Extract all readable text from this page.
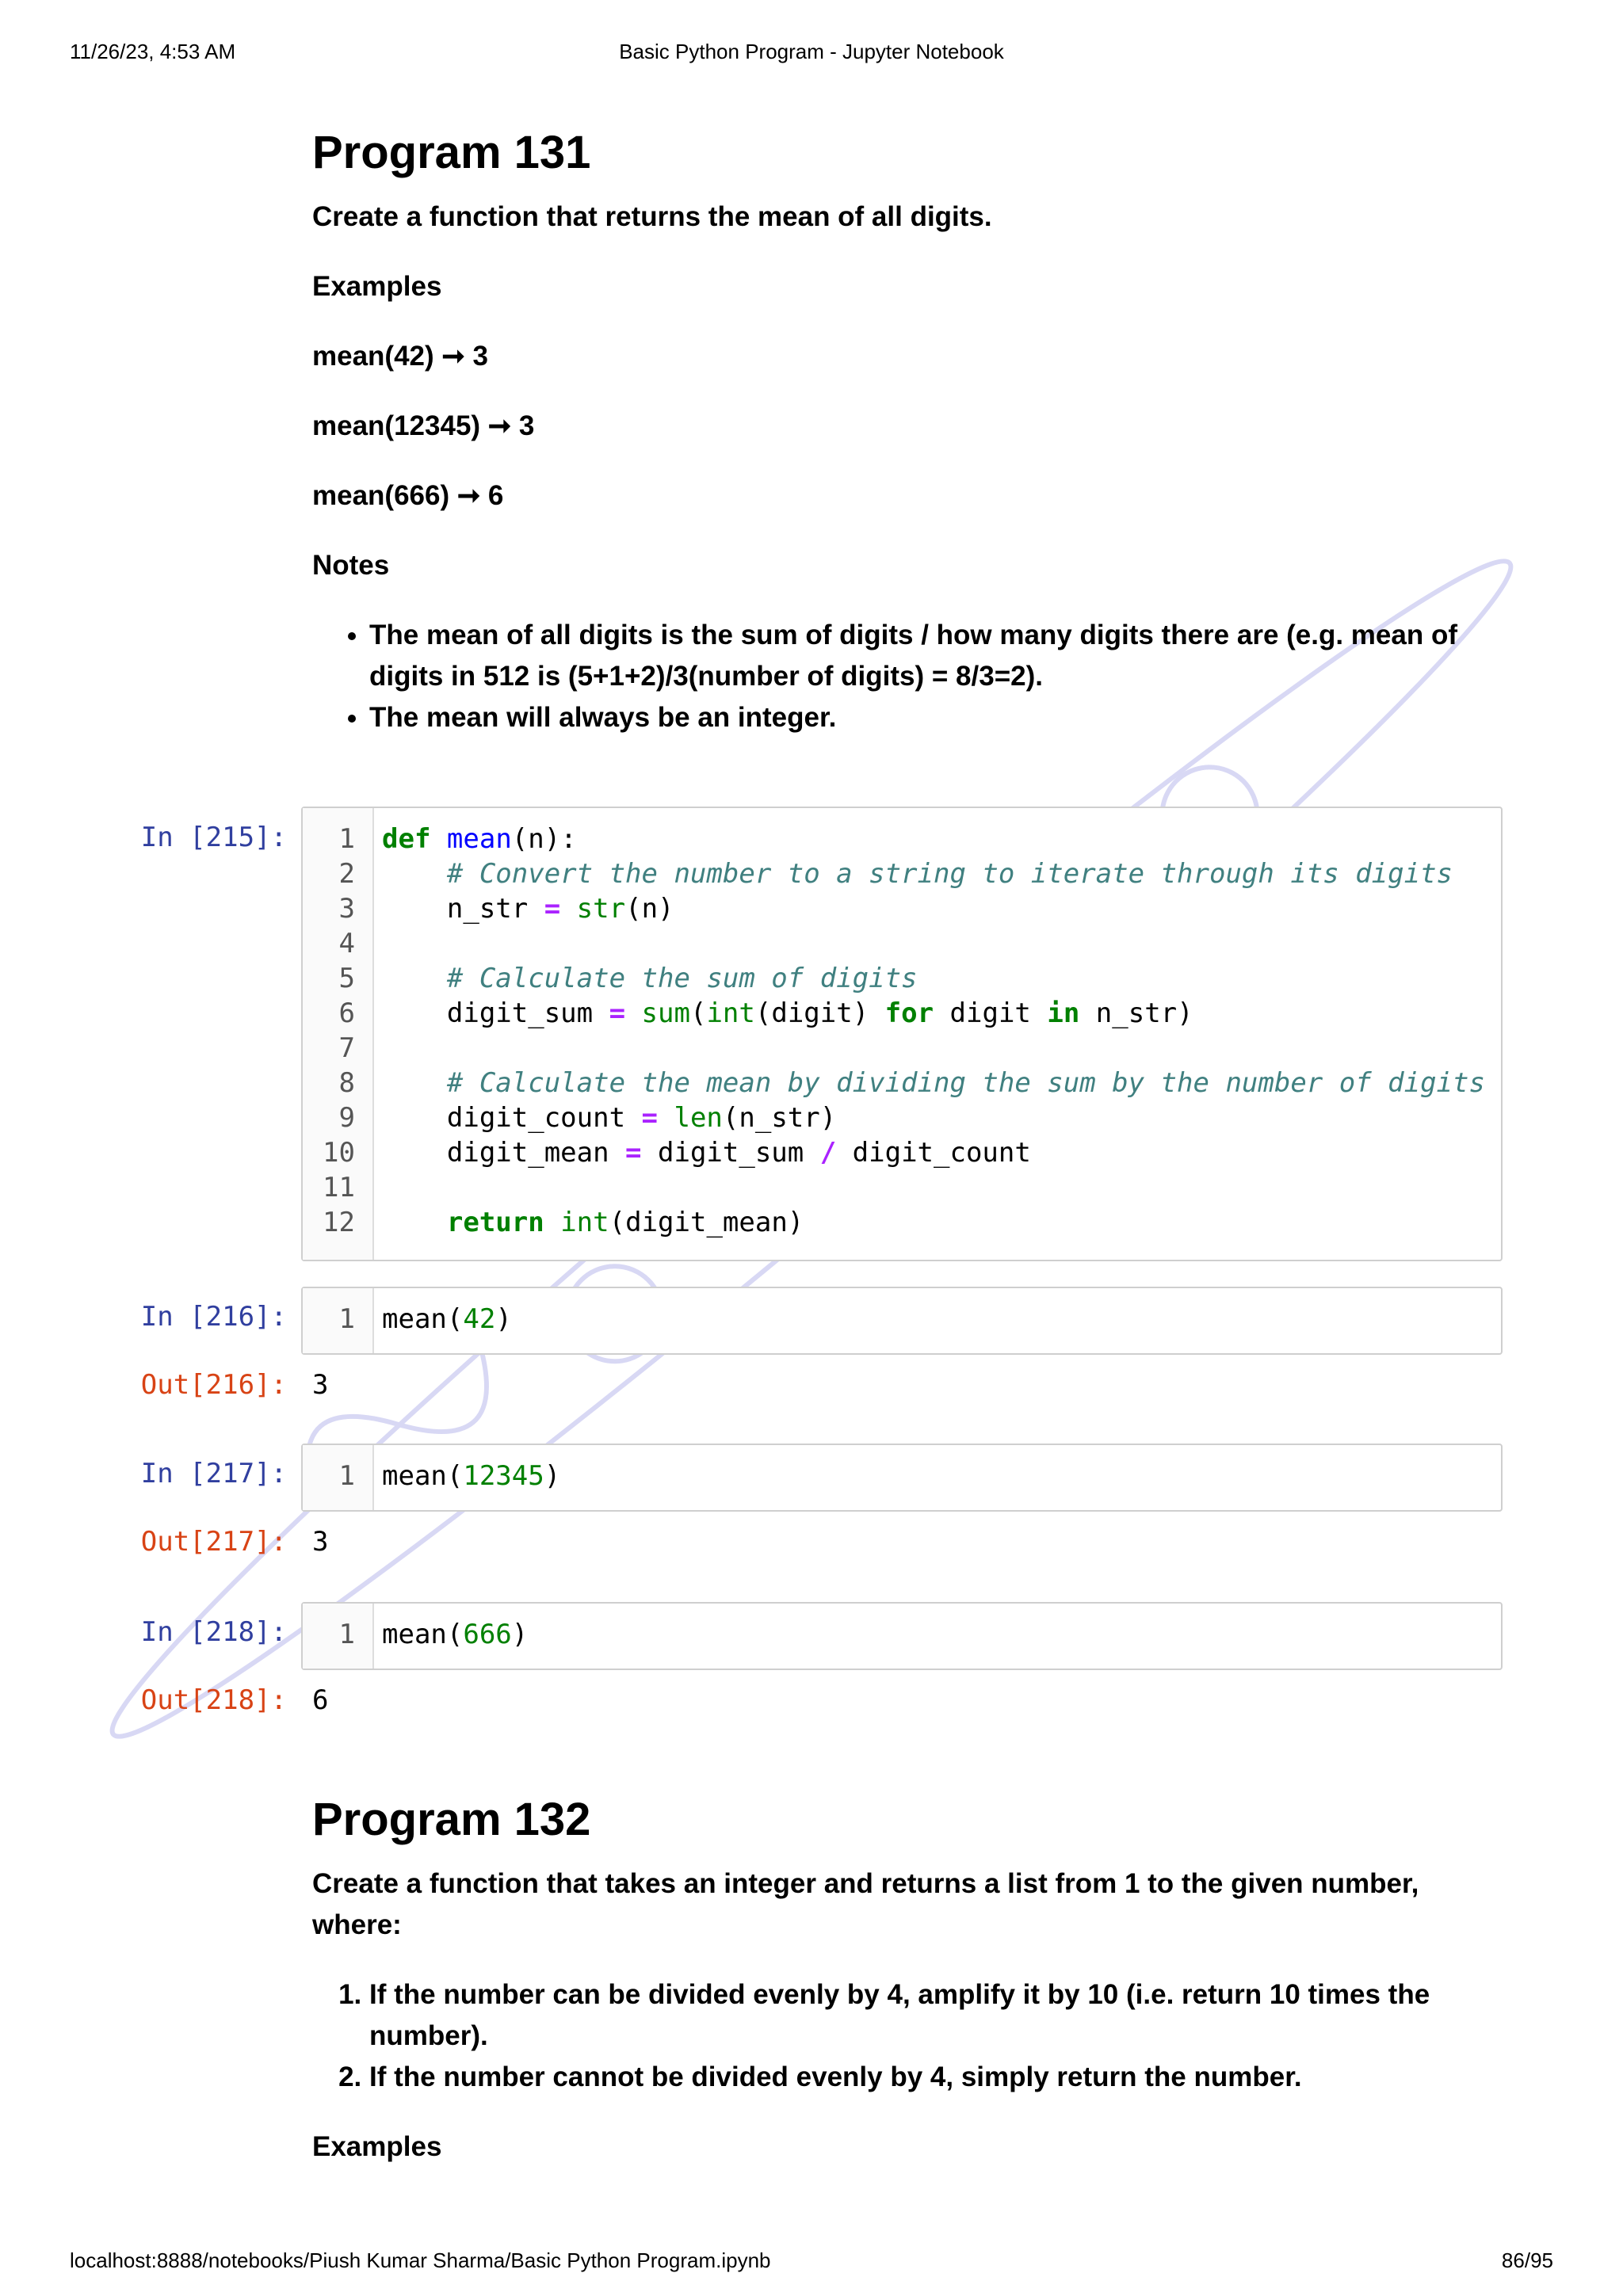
11/26/23, 4:53 AM	Basic Python Program - Jupyter Notebook
Program 131

Create a function that returns the mean of all digits.

Examples

mean(42) ➞ 3

mean(12345) ➞ 3

mean(666) ➞ 6

Notes

• The mean of all digits is the sum of digits / how many digits there are (e.g. mean of digits in 512 is (5+1+2)/3(number of digits) = 8/3=2).
• The mean will always be an integer.
In [215]:	1 def mean(n):
2	# Convert the number to a string to iterate through its digits
3 n_str = str(n)
4
5	# Calculate the sum of digits
6 digit_sum = sum(int(digit) for digit in n_str)
7
8	# Calculate the mean by dividing the sum by the number of digits
9 digit_count = len(n_str)
10 digit_mean = digit_sum / digit_count
11
12	return int(digit_mean)
In [216]:	1 mean(42)
Out[216]: 3
In [217]:	1 mean(12345)
Out[217]: 3
In [218]:	1 mean(666)
Out[218]: 6
Program 132

Create a function that takes an integer and returns a list from 1 to the given number, where:

1. If the number can be divided evenly by 4, amplify it by 10 (i.e. return 10 times the number).
2. If the number cannot be divided evenly by 4, simply return the number.

Examples

localhost:8888/notebooks/Piush Kumar Sharma/Basic Python Program.ipynb	86/95
